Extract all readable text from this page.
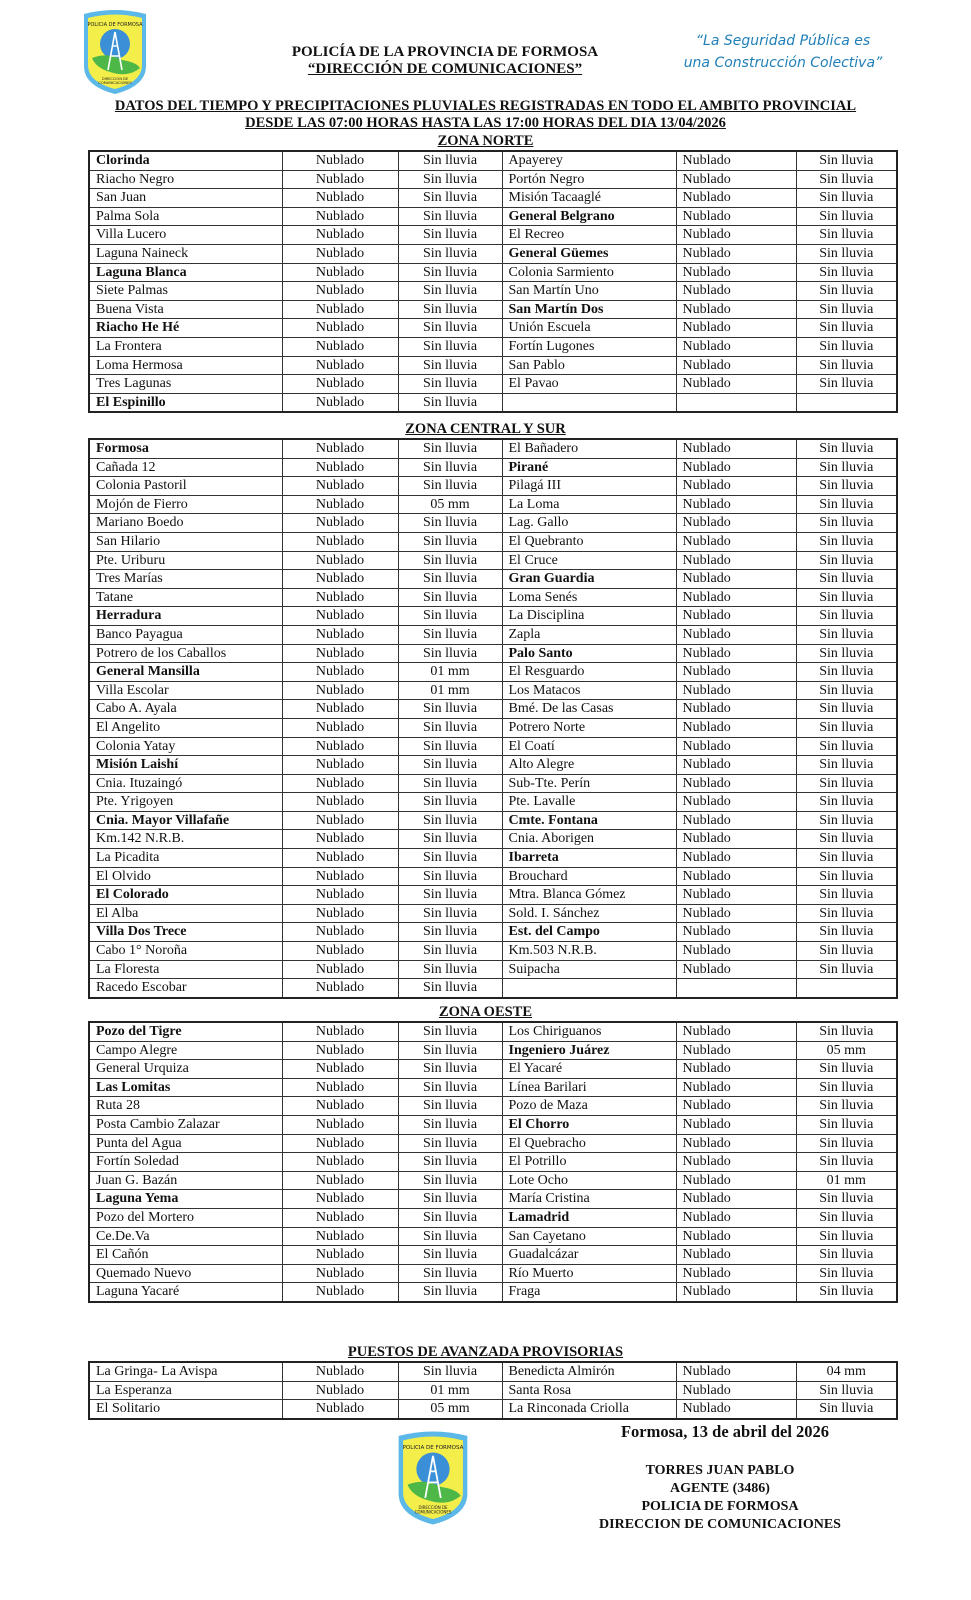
POLICIA DE FORMOSA
DIRECCIÓN DE
COMUNICACIONES
POLICÍA DE LA PROVINCIA DE FORMOSA
“DIRECCIÓN DE COMUNICACIONES”
“La Seguridad Pública es
una Construcción Colectiva”
DATOS DEL TIEMPO Y PRECIPITACIONES PLUVIALES REGISTRADAS EN TODO EL AMBITO PROVINCIAL
DESDE LAS 07:00 HORAS HASTA LAS 17:00 HORAS DEL DIA 13/04/2026
ZONA NORTE
Clorinda	Nublado	Sin lluvia	Apayerey	Nublado	Sin lluvia
Riacho Negro	Nublado	Sin lluvia	Portón Negro	Nublado	Sin lluvia
San Juan	Nublado	Sin lluvia	Misión Tacaaglé	Nublado	Sin lluvia
Palma Sola	Nublado	Sin lluvia	General Belgrano	Nublado	Sin lluvia
Villa Lucero	Nublado	Sin lluvia	El Recreo	Nublado	Sin lluvia
Laguna Naineck	Nublado	Sin lluvia	General Güemes	Nublado	Sin lluvia
Laguna Blanca	Nublado	Sin lluvia	Colonia Sarmiento	Nublado	Sin lluvia
Siete Palmas	Nublado	Sin lluvia	San Martín Uno	Nublado	Sin lluvia
Buena Vista	Nublado	Sin lluvia	San Martín Dos	Nublado	Sin lluvia
Riacho He Hé	Nublado	Sin lluvia	Unión Escuela	Nublado	Sin lluvia
La Frontera	Nublado	Sin lluvia	Fortín Lugones	Nublado	Sin lluvia
Loma Hermosa	Nublado	Sin lluvia	San Pablo	Nublado	Sin lluvia
Tres Lagunas	Nublado	Sin lluvia	El Pavao	Nublado	Sin lluvia
El Espinillo	Nublado	Sin lluvia			
ZONA CENTRAL Y SUR
Formosa	Nublado	Sin lluvia	El Bañadero	Nublado	Sin lluvia
Cañada 12	Nublado	Sin lluvia	Pirané	Nublado	Sin lluvia
Colonia Pastoril	Nublado	Sin lluvia	Pilagá III	Nublado	Sin lluvia
Mojón de Fierro	Nublado	05 mm	La Loma	Nublado	Sin lluvia
Mariano Boedo	Nublado	Sin lluvia	Lag. Gallo	Nublado	Sin lluvia
San Hilario	Nublado	Sin lluvia	El Quebranto	Nublado	Sin lluvia
Pte. Uriburu	Nublado	Sin lluvia	El Cruce	Nublado	Sin lluvia
Tres Marías	Nublado	Sin lluvia	Gran Guardia	Nublado	Sin lluvia
Tatane	Nublado	Sin lluvia	Loma Senés	Nublado	Sin lluvia
Herradura	Nublado	Sin lluvia	La Disciplina	Nublado	Sin lluvia
Banco Payagua	Nublado	Sin lluvia	Zapla	Nublado	Sin lluvia
Potrero de los Caballos	Nublado	Sin lluvia	Palo Santo	Nublado	Sin lluvia
General Mansilla	Nublado	01 mm	El Resguardo	Nublado	Sin lluvia
Villa Escolar	Nublado	01 mm	Los Matacos	Nublado	Sin lluvia
Cabo A. Ayala	Nublado	Sin lluvia	Bmé. De las Casas	Nublado	Sin lluvia
El Angelito	Nublado	Sin lluvia	Potrero Norte	Nublado	Sin lluvia
Colonia Yatay	Nublado	Sin lluvia	El Coatí	Nublado	Sin lluvia
Misión Laishí	Nublado	Sin lluvia	Alto Alegre	Nublado	Sin lluvia
Cnia. Ituzaingó	Nublado	Sin lluvia	Sub-Tte. Perín	Nublado	Sin lluvia
Pte. Yrigoyen	Nublado	Sin lluvia	Pte. Lavalle	Nublado	Sin lluvia
Cnia. Mayor Villafañe	Nublado	Sin lluvia	Cmte. Fontana	Nublado	Sin lluvia
Km.142 N.R.B.	Nublado	Sin lluvia	Cnia. Aborigen	Nublado	Sin lluvia
La Picadita	Nublado	Sin lluvia	Ibarreta	Nublado	Sin lluvia
El Olvido	Nublado	Sin lluvia	Brouchard	Nublado	Sin lluvia
El Colorado	Nublado	Sin lluvia	Mtra. Blanca Gómez	Nublado	Sin lluvia
El Alba	Nublado	Sin lluvia	Sold. I. Sánchez	Nublado	Sin lluvia
Villa Dos Trece	Nublado	Sin lluvia	Est. del Campo	Nublado	Sin lluvia
Cabo 1° Noroña	Nublado	Sin lluvia	Km.503 N.R.B.	Nublado	Sin lluvia
La Floresta	Nublado	Sin lluvia	Suipacha	Nublado	Sin lluvia
Racedo Escobar	Nublado	Sin lluvia			
ZONA OESTE
Pozo del Tigre	Nublado	Sin lluvia	Los Chiriguanos	Nublado	Sin lluvia
Campo Alegre	Nublado	Sin lluvia	Ingeniero Juárez	Nublado	05 mm
General Urquiza	Nublado	Sin lluvia	El Yacaré	Nublado	Sin lluvia
Las Lomitas	Nublado	Sin lluvia	Línea Barilari	Nublado	Sin lluvia
Ruta 28	Nublado	Sin lluvia	Pozo de Maza	Nublado	Sin lluvia
Posta Cambio Zalazar	Nublado	Sin lluvia	El Chorro	Nublado	Sin lluvia
Punta del Agua	Nublado	Sin lluvia	El Quebracho	Nublado	Sin lluvia
Fortín Soledad	Nublado	Sin lluvia	El Potrillo	Nublado	Sin lluvia
Juan G. Bazán	Nublado	Sin lluvia	Lote Ocho	Nublado	01 mm
Laguna Yema	Nublado	Sin lluvia	María Cristina	Nublado	Sin lluvia
Pozo del Mortero	Nublado	Sin lluvia	Lamadrid	Nublado	Sin lluvia
Ce.De.Va	Nublado	Sin lluvia	San Cayetano	Nublado	Sin lluvia
El Cañón	Nublado	Sin lluvia	Guadalcázar	Nublado	Sin lluvia
Quemado Nuevo	Nublado	Sin lluvia	Río Muerto	Nublado	Sin lluvia
Laguna Yacaré	Nublado	Sin lluvia	Fraga	Nublado	Sin lluvia
PUESTOS DE AVANZADA PROVISORIAS
La Gringa- La Avispa	Nublado	Sin lluvia	Benedicta Almirón	Nublado	04 mm
La Esperanza	Nublado	01 mm	Santa Rosa	Nublado	Sin lluvia
El Solitario	Nublado	05 mm	La Rinconada Criolla	Nublado	Sin lluvia
POLICIA DE FORMOSA
DIRECCIÓN DE
COMUNICACIONES
Formosa, 13 de abril del 2026
TORRES JUAN PABLO
AGENTE (3486)
POLICIA DE FORMOSA
DIRECCION DE COMUNICACIONES
